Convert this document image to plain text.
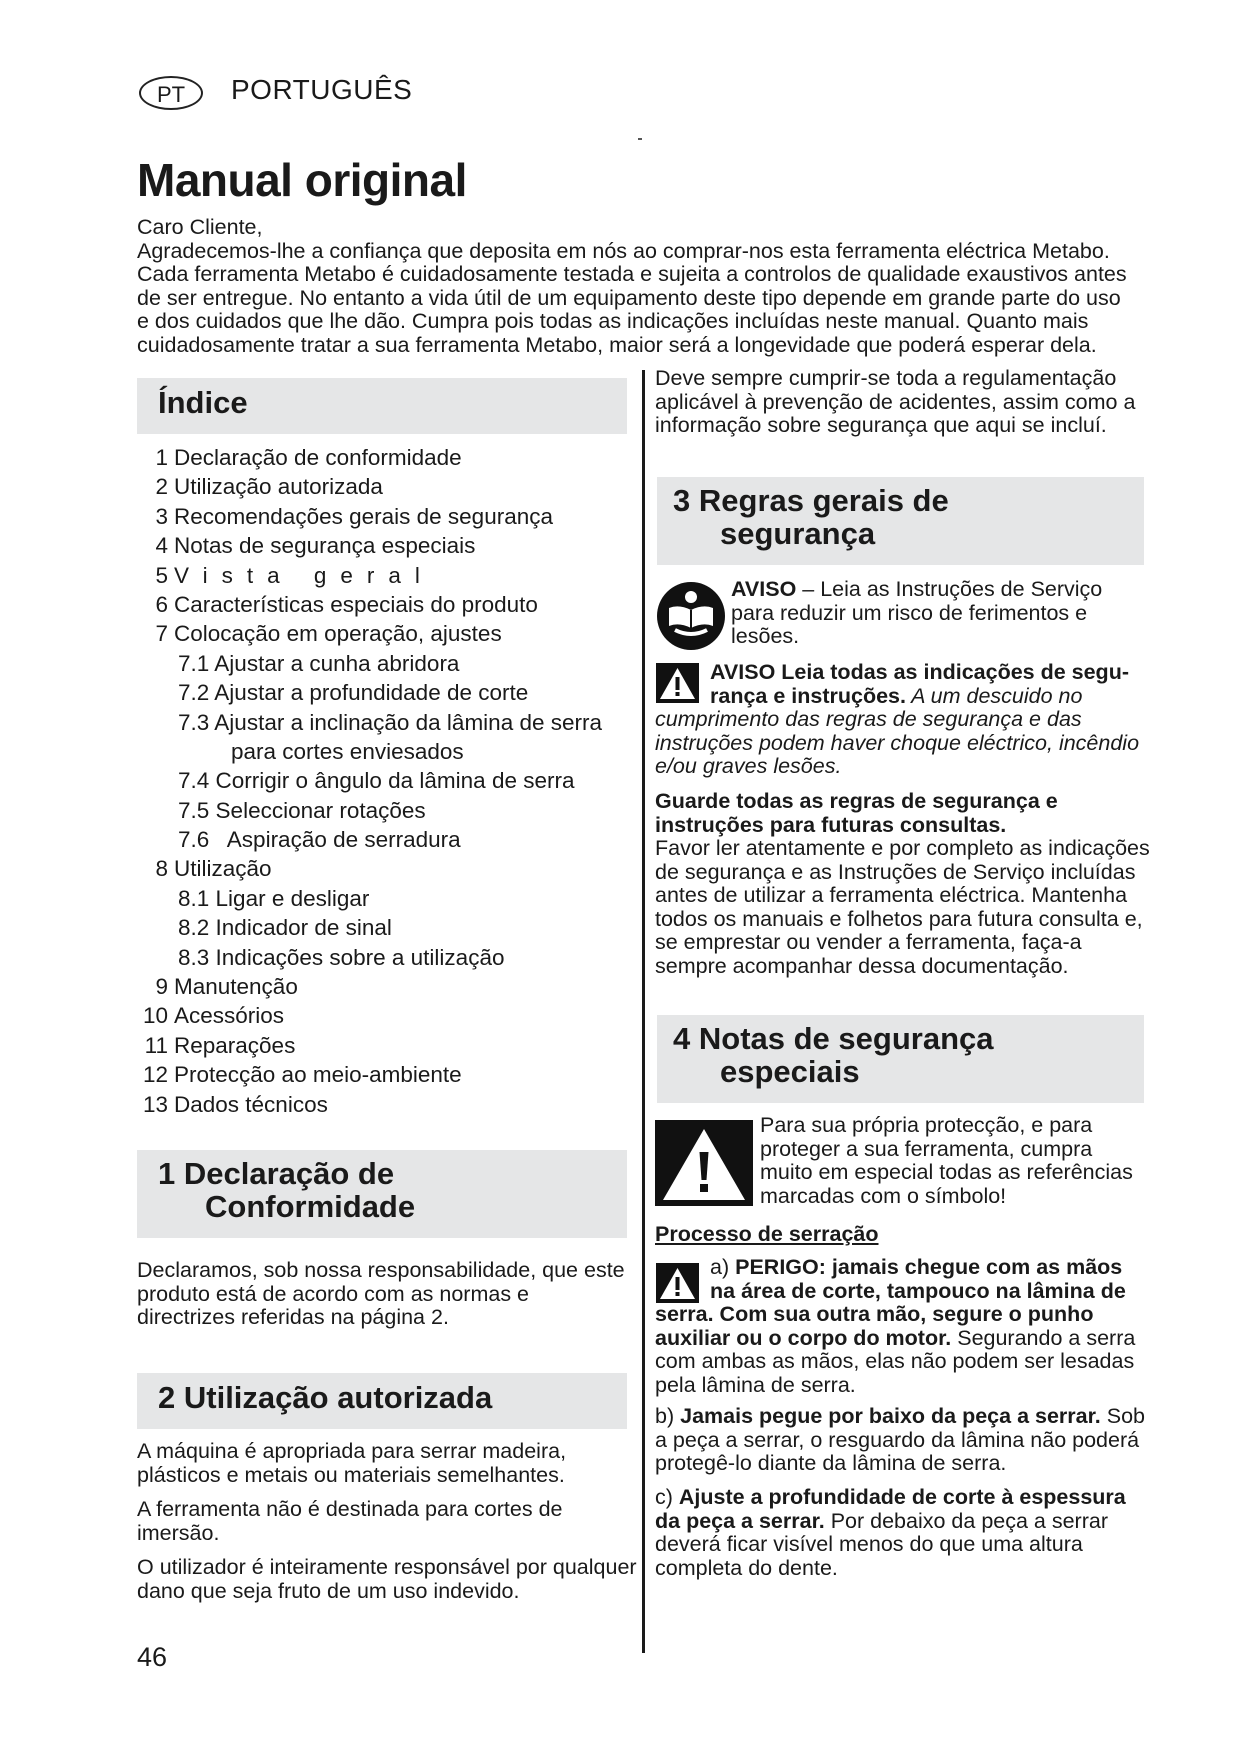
PT	PORTUGUÊS
Manual original

Caro Cliente,

Agradecemos-lhe a confiança que deposita em nós ao comprar-nos esta ferramenta eléctrica Metabo. Cada ferramenta Metabo é cuidadosamente testada e sujeita a controlos de qualidade exaustivos antes de ser entregue. No entanto a vida útil de um equipamento deste tipo depende em grande parte do uso e dos cuidados que lhe dão. Cumpra pois todas as indicações incluídas neste manual. Quanto mais cuidadosamente tratar a sua ferramenta Metabo, maior será a longevidade que poderá esperar dela.

Índice
1 Declaração de conformidade
2 Utilização autorizada
3 Recomendações gerais de segurança
4 Notas de segurança especiais
5 Vista geral
6 Características especiais do produto
7 Colocação em operação, ajustes
7.1 Ajustar a cunha abridora
7.2 Ajustar a profundidade de corte
7.3 Ajustar a inclinação da lâmina de serra
para cortes enviesados
7.4 Corrigir o ângulo da lâmina de serra
7.5 Seleccionar rotações
7.6 Aspiração de serradura
8 Utilização
8.1 Ligar e desligar
8.2 Indicador de sinal
8.3 Indicações sobre a utilização
9 Manutenção
10 Acessórios
11 Reparações
12 Protecção ao meio-ambiente
13 Dados técnicos
1 Declaração de
Conformidade

Declaramos, sob nossa responsabilidade, que este produto está de acordo com as normas e directrizes referidas na página 2.

2 Utilização autorizada

A máquina é apropriada para serrar madeira, plásticos e metais ou materiais semelhantes.

A ferramenta não é destinada para cortes de imersão.

O utilizador é inteiramente responsável por qualquer dano que seja fruto de um uso indevido.

Deve sempre cumprir-se toda a regulamentação aplicável à prevenção de acidentes, assim como a informação sobre segurança que aqui se incluí.

3 Regras gerais de
segurança

AVISO – Leia as Instruções de Serviço para reduzir um risco de ferimentos e lesões.

AVISO Leia todas as indicações de segu-
rança e instruções. A um descuido no
cumprimento das regras de segurança e das instruções podem haver choque eléctrico, incêndio e/ou graves lesões.
Guarde todas as regras de segurança e instruções para futuras consultas.
Favor ler atentamente e por completo as indicações de segurança e as Instruções de Serviço incluídas antes de utilizar a ferramenta eléctrica. Mantenha todos os manuais e folhetos para futura consulta e, se emprestar ou vender a ferramenta, faça-a sempre acompanhar dessa documentação.
4 Notas de segurança
especiais

Para sua própria protecção, e para proteger a sua ferramenta, cumpra muito em especial todas as referências marcadas com o símbolo!

Processo de serração
a) PERIGO: jamais chegue com as mãos
na área de corte, tampouco na lâmina de
serra. Com sua outra mão, segure o punho auxiliar ou o corpo do motor. Segurando a serra com ambas as mãos, elas não podem ser lesadas pela lâmina de serra.

b) Jamais pegue por baixo da peça a serrar. Sob a peça a serrar, o resguardo da lâmina não poderá protegê-lo diante da lâmina de serra.

c) Ajuste a profundidade de corte à espessura da peça a serrar. Por debaixo da peça a serrar deverá ficar visível menos do que uma altura completa do dente.

46
